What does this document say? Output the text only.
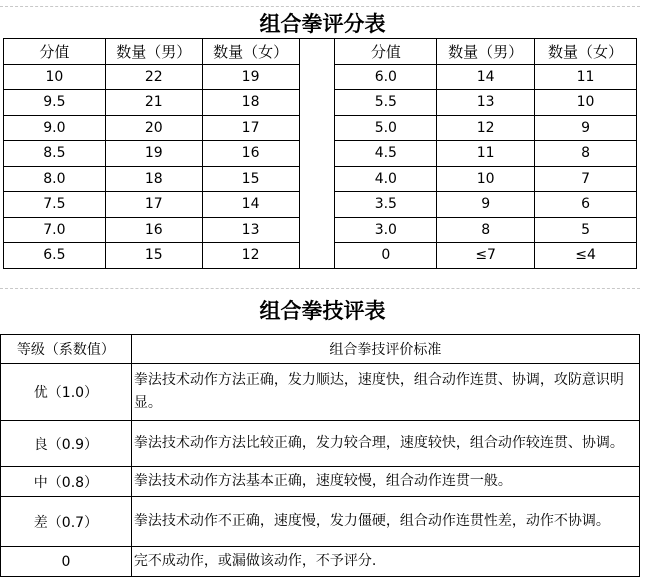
组合拳评分表
分值	数量（男）	数量（女）		分值	数量（男）	数量（女）
10	22	19		6.0	14	11
9.5	21	18		5.5	13	10
9.0	20	17		5.0	12	9
8.5	19	16		4.5	11	8
8.0	18	15		4.0	10	7
7.5	17	14		3.5	9	6
7.0	16	13		3.0	8	5
6.5	15	12		0	≤7	≤4
组合拳技评表
等级（系数值）	组合拳技评价标准
优（1.0）	拳法技术动作方法正确，发力顺达，速度快，组合动作连贯、协调，攻防意识明显。
良（0.9）	拳法技术动作方法比较正确，发力较合理，速度较快，组合动作较连贯、协调。
中（0.8）	拳法技术动作方法基本正确，速度较慢，组合动作连贯一般。
差（0.7）	拳法技术动作不正确，速度慢，发力僵硬，组合动作连贯性差，动作不协调。
0	完不成动作，或漏做该动作，不予评分.
